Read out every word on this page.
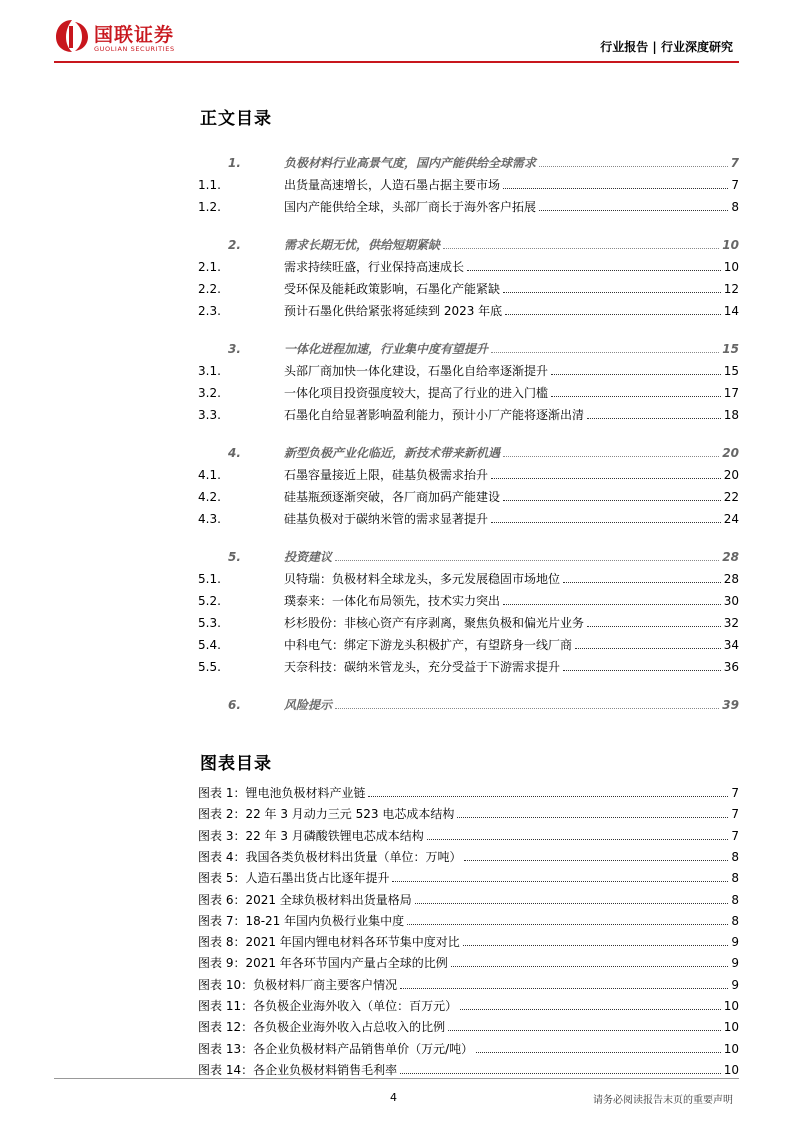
国联证券
GUOLIAN SECURITIES	行业报告 | 行业深度研究
正文目录
1.	负极材料行业高景气度，国内产能供给全球需求	7
1.1.	出货量高速增长，人造石墨占据主要市场	7
1.2.	国内产能供给全球，头部厂商长于海外客户拓展	8
2.	需求长期无忧，供给短期紧缺	10
2.1.	需求持续旺盛，行业保持高速成长	10
2.2.	受环保及能耗政策影响，石墨化产能紧缺	12
2.3.	预计石墨化供给紧张将延续到 2023 年底	14
3.	一体化进程加速，行业集中度有望提升	15
3.1.	头部厂商加快一体化建设，石墨化自给率逐渐提升	15
3.2.	一体化项目投资强度较大，提高了行业的进入门槛	17
3.3.	石墨化自给显著影响盈利能力，预计小厂产能将逐渐出清	18
4.	新型负极产业化临近，新技术带来新机遇	20
4.1.	石墨容量接近上限，硅基负极需求抬升	20
4.2.	硅基瓶颈逐渐突破，各厂商加码产能建设	22
4.3.	硅基负极对于碳纳米管的需求显著提升	24
5.	投资建议	28
5.1.	贝特瑞：负极材料全球龙头，多元发展稳固市场地位	28
5.2.	璞泰来：一体化布局领先，技术实力突出	30
5.3.	杉杉股份：非核心资产有序剥离，聚焦负极和偏光片业务	32
5.4.	中科电气：绑定下游龙头积极扩产，有望跻身一线厂商	34
5.5.	天奈科技：碳纳米管龙头，充分受益于下游需求提升	36
6.	风险提示	39
图表目录
图表 1：锂电池负极材料产业链	7
图表 2：22 年 3 月动力三元 523 电芯成本结构	7
图表 3：22 年 3 月磷酸铁锂电芯成本结构	7
图表 4：我国各类负极材料出货量（单位：万吨）	8
图表 5：人造石墨出货占比逐年提升	8
图表 6：2021 全球负极材料出货量格局	8
图表 7：18-21 年国内负极行业集中度	8
图表 8：2021 年国内锂电材料各环节集中度对比	9
图表 9：2021 年各环节国内产量占全球的比例	9
图表 10：负极材料厂商主要客户情况	9
图表 11：各负极企业海外收入（单位：百万元）	10
图表 12：各负极企业海外收入占总收入的比例	10
图表 13：各企业负极材料产品销售单价（万元/吨）	10
图表 14：各企业负极材料销售毛利率	10
4	请务必阅读报告末页的重要声明
